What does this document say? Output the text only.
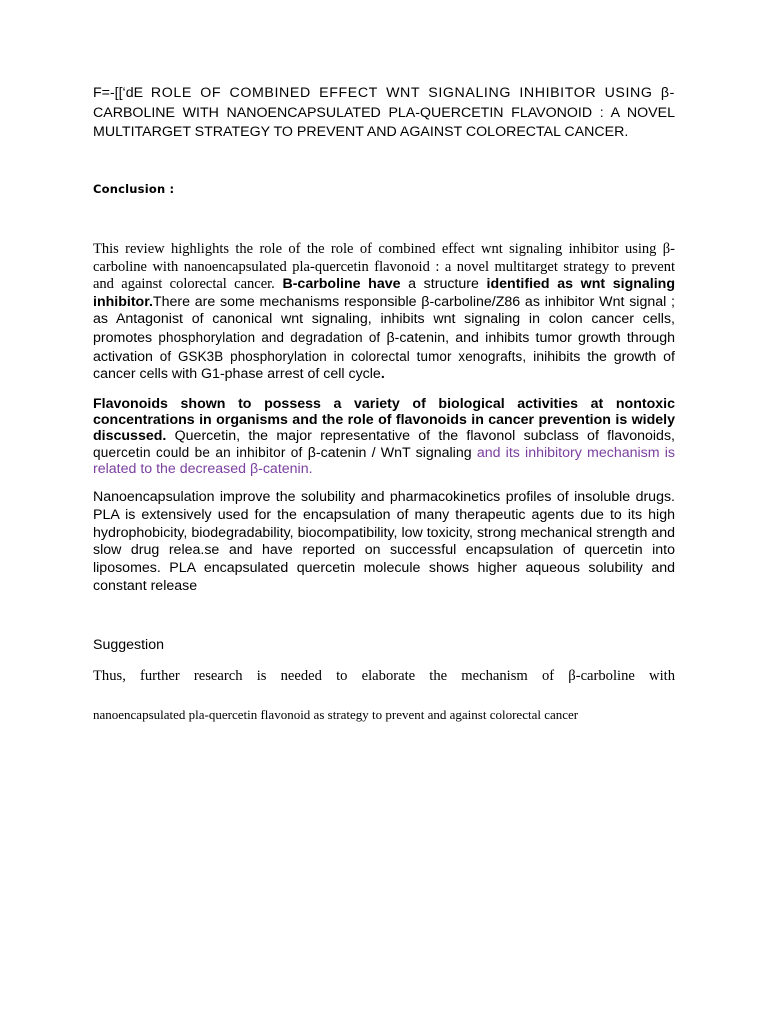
F=-[[‘dE ROLE OF COMBINED EFFECT WNT SIGNALING INHIBITOR USING β- CARBOLINE WITH NANOENCAPSULATED PLA-QUERCETIN FLAVONOID : A NOVEL MULTITARGET STRATEGY TO PREVENT AND AGAINST COLORECTAL CANCER.

Conclusion :

This review highlights the role of the role of combined effect wnt signaling inhibitor using β-carboline with nanoencapsulated pla-quercetin flavonoid : a novel multitarget strategy to prevent and against colorectal cancer. Β-carboline have a structure identified as wnt signaling inhibitor.There are some mechanisms responsible β-carboline/Z86 as inhibitor Wnt signal ; as Antagonist of canonical wnt signaling, inhibits wnt signaling in colon cancer cells, promotes phosphorylation and degradation of β-catenin, and inhibits tumor growth through activation of GSK3B phosphorylation in colorectal tumor xenografts, inihibits the growth of cancer cells with G1-phase arrest of cell cycle.

Flavonoids shown to possess a variety of biological activities at nontoxic concentrations in organisms and the role of flavonoids in cancer prevention is widely discussed. Quercetin, the major representative of the flavonol subclass of flavonoids, quercetin could be an inhibitor of β-catenin / WnT signaling and its inhibitory mechanism is related to the decreased β-catenin.

Nanoencapsulation improve the solubility and pharmacokinetics profiles of insoluble drugs. PLA is extensively used for the encapsulation of many therapeutic agents due to its high hydrophobicity, biodegradability, biocompatibility, low toxicity, strong mechanical strength and slow drug relea.se and have reported on successful encapsulation of quercetin into liposomes. PLA encapsulated quercetin molecule shows higher aqueous solubility and constant release

Suggestion

Thus, further research is needed to elaborate the mechanism of β-carboline with
nanoencapsulated pla-quercetin flavonoid as strategy to prevent and against colorectal cancer
